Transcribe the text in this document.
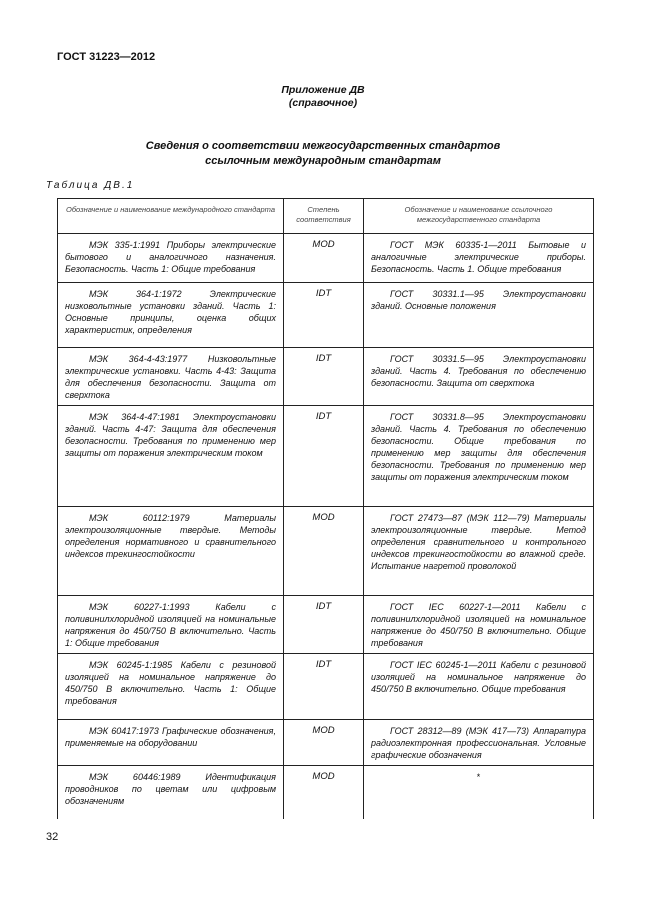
ГОСТ 31223—2012
Приложение ДВ
(справочное)
Сведения о соответствии межгосударственных стандартов
ссылочным международным стандартам
Таблица ДВ.1
Обозначение и наименование международного стандарта	Степень соответствия	Обозначение и наименование ссылочного межгосударственного стандарта
МЭК 335-1:1991 Приборы электрические бытового и аналогичного назначения. Безопасность. Часть 1: Общие требования	MOD	ГОСТ МЭК 60335-1—2011 Бытовые и аналогичные электрические приборы. Безопасность. Часть 1. Общие требования
МЭК 364-1:1972 Электрические низковольтные установки зданий. Часть 1: Основные принципы, оценка общих характеристик, определения	IDT	ГОСТ 30331.1—95 Электроустановки зданий. Основные положения
МЭК 364-4-43:1977 Низковольтные электрические установки. Часть 4-43: Защита для обеспечения безопасности. Защита от сверхтока	IDT	ГОСТ 30331.5—95 Электроустановки зданий. Часть 4. Требования по обеспечению безопасности. Защита от сверхтока
МЭК 364-4-47:1981 Электроустановки зданий. Часть 4-47: Защита для обеспечения безопасности. Требования по применению мер защиты от поражения электрическим током	IDT	ГОСТ 30331.8—95 Электроустановки зданий. Часть 4. Требования по обеспечению безопасности. Общие требования по применению мер защиты для обеспечения безопасности. Требования по применению мер защиты от поражения электрическим током
МЭК 60112:1979 Материалы электроизоляционные твердые. Методы определения нормативного и сравнительного индексов трекингостойкости	MOD	ГОСТ 27473—87 (МЭК 112—79) Материалы электроизоляционные твердые. Метод определения сравнительного и контрольного индексов трекингостойкости во влажной среде. Испытание нагретой проволокой
МЭК 60227-1:1993 Кабели с поливинилхлоридной изоляцией на номинальные напряжения до 450/750 В включительно. Часть 1: Общие требования	IDT	ГОСТ IEC 60227-1—2011 Кабели с поливинилхлоридной изоляцией на номинальное напряжение до 450/750 В включительно. Общие требования
МЭК 60245-1:1985 Кабели с резиновой изоляцией на номинальное напряжение до 450/750 В включительно. Часть 1: Общие требования	IDT	ГОСТ IEC 60245-1—2011 Кабели с резиновой изоляцией на номинальное напряжение до 450/750 В включительно. Общие требования
МЭК 60417:1973 Графические обозначения, применяемые на оборудовании	MOD	ГОСТ 28312—89 (МЭК 417—73) Аппаратура радиоэлектронная профессиональная. Условные графические обозначения
МЭК 60446:1989 Идентификация проводников по цветам или цифровым обозначениям	MOD	*
32
